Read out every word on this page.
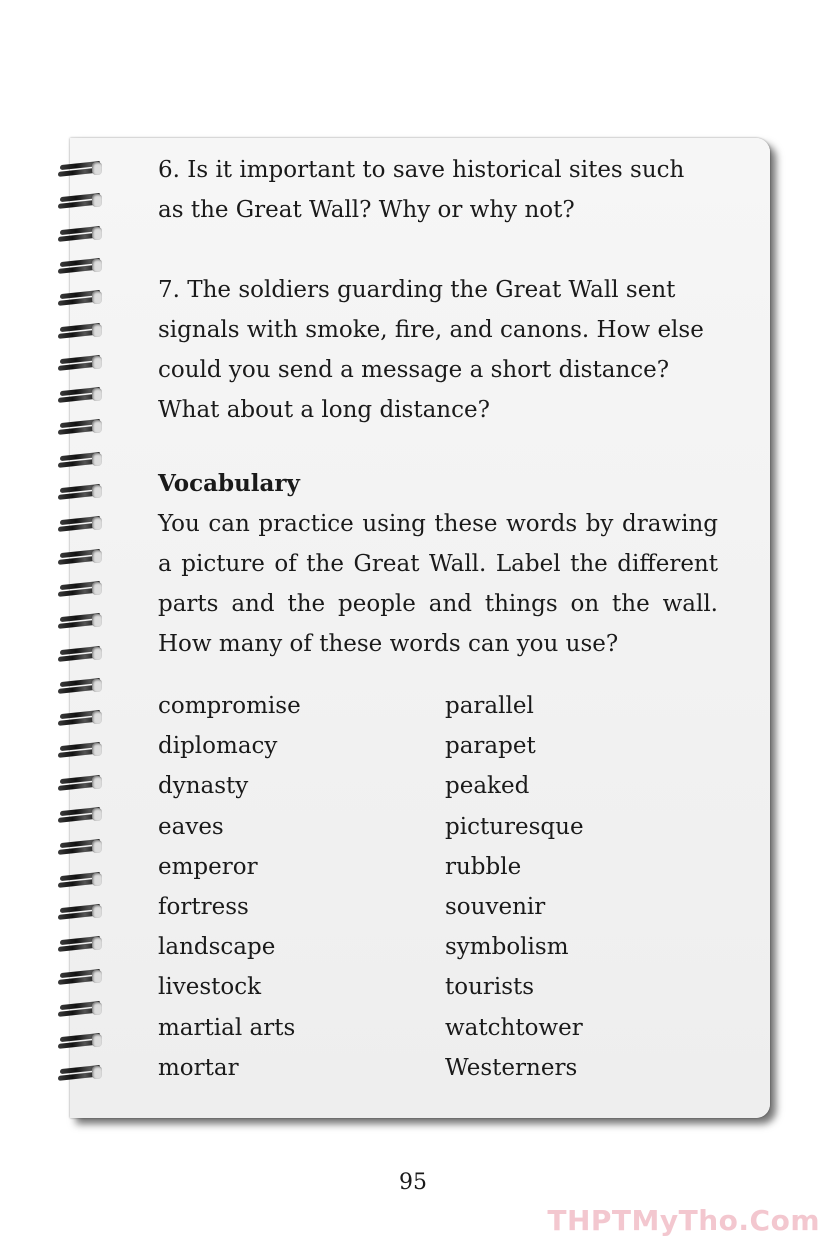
6. Is it important to save historical sites such as the Great Wall? Why or why not?

7. The soldiers guarding the Great Wall sent signals with smoke, fire, and canons. How else could you send a message a short distance? What about a long distance?

Vocabulary

You can practice using these words by drawing a picture of the Great Wall. Label the different parts and the people and things on the wall. How many of these words can you use?

compromise
diplomacy
dynasty
eaves
emperor
fortress
landscape
livestock
martial arts
mortar
parallel
parapet
peaked
picturesque
rubble
souvenir
symbolism
tourists
watchtower
Westerners
95
THPTMyTho.Com
